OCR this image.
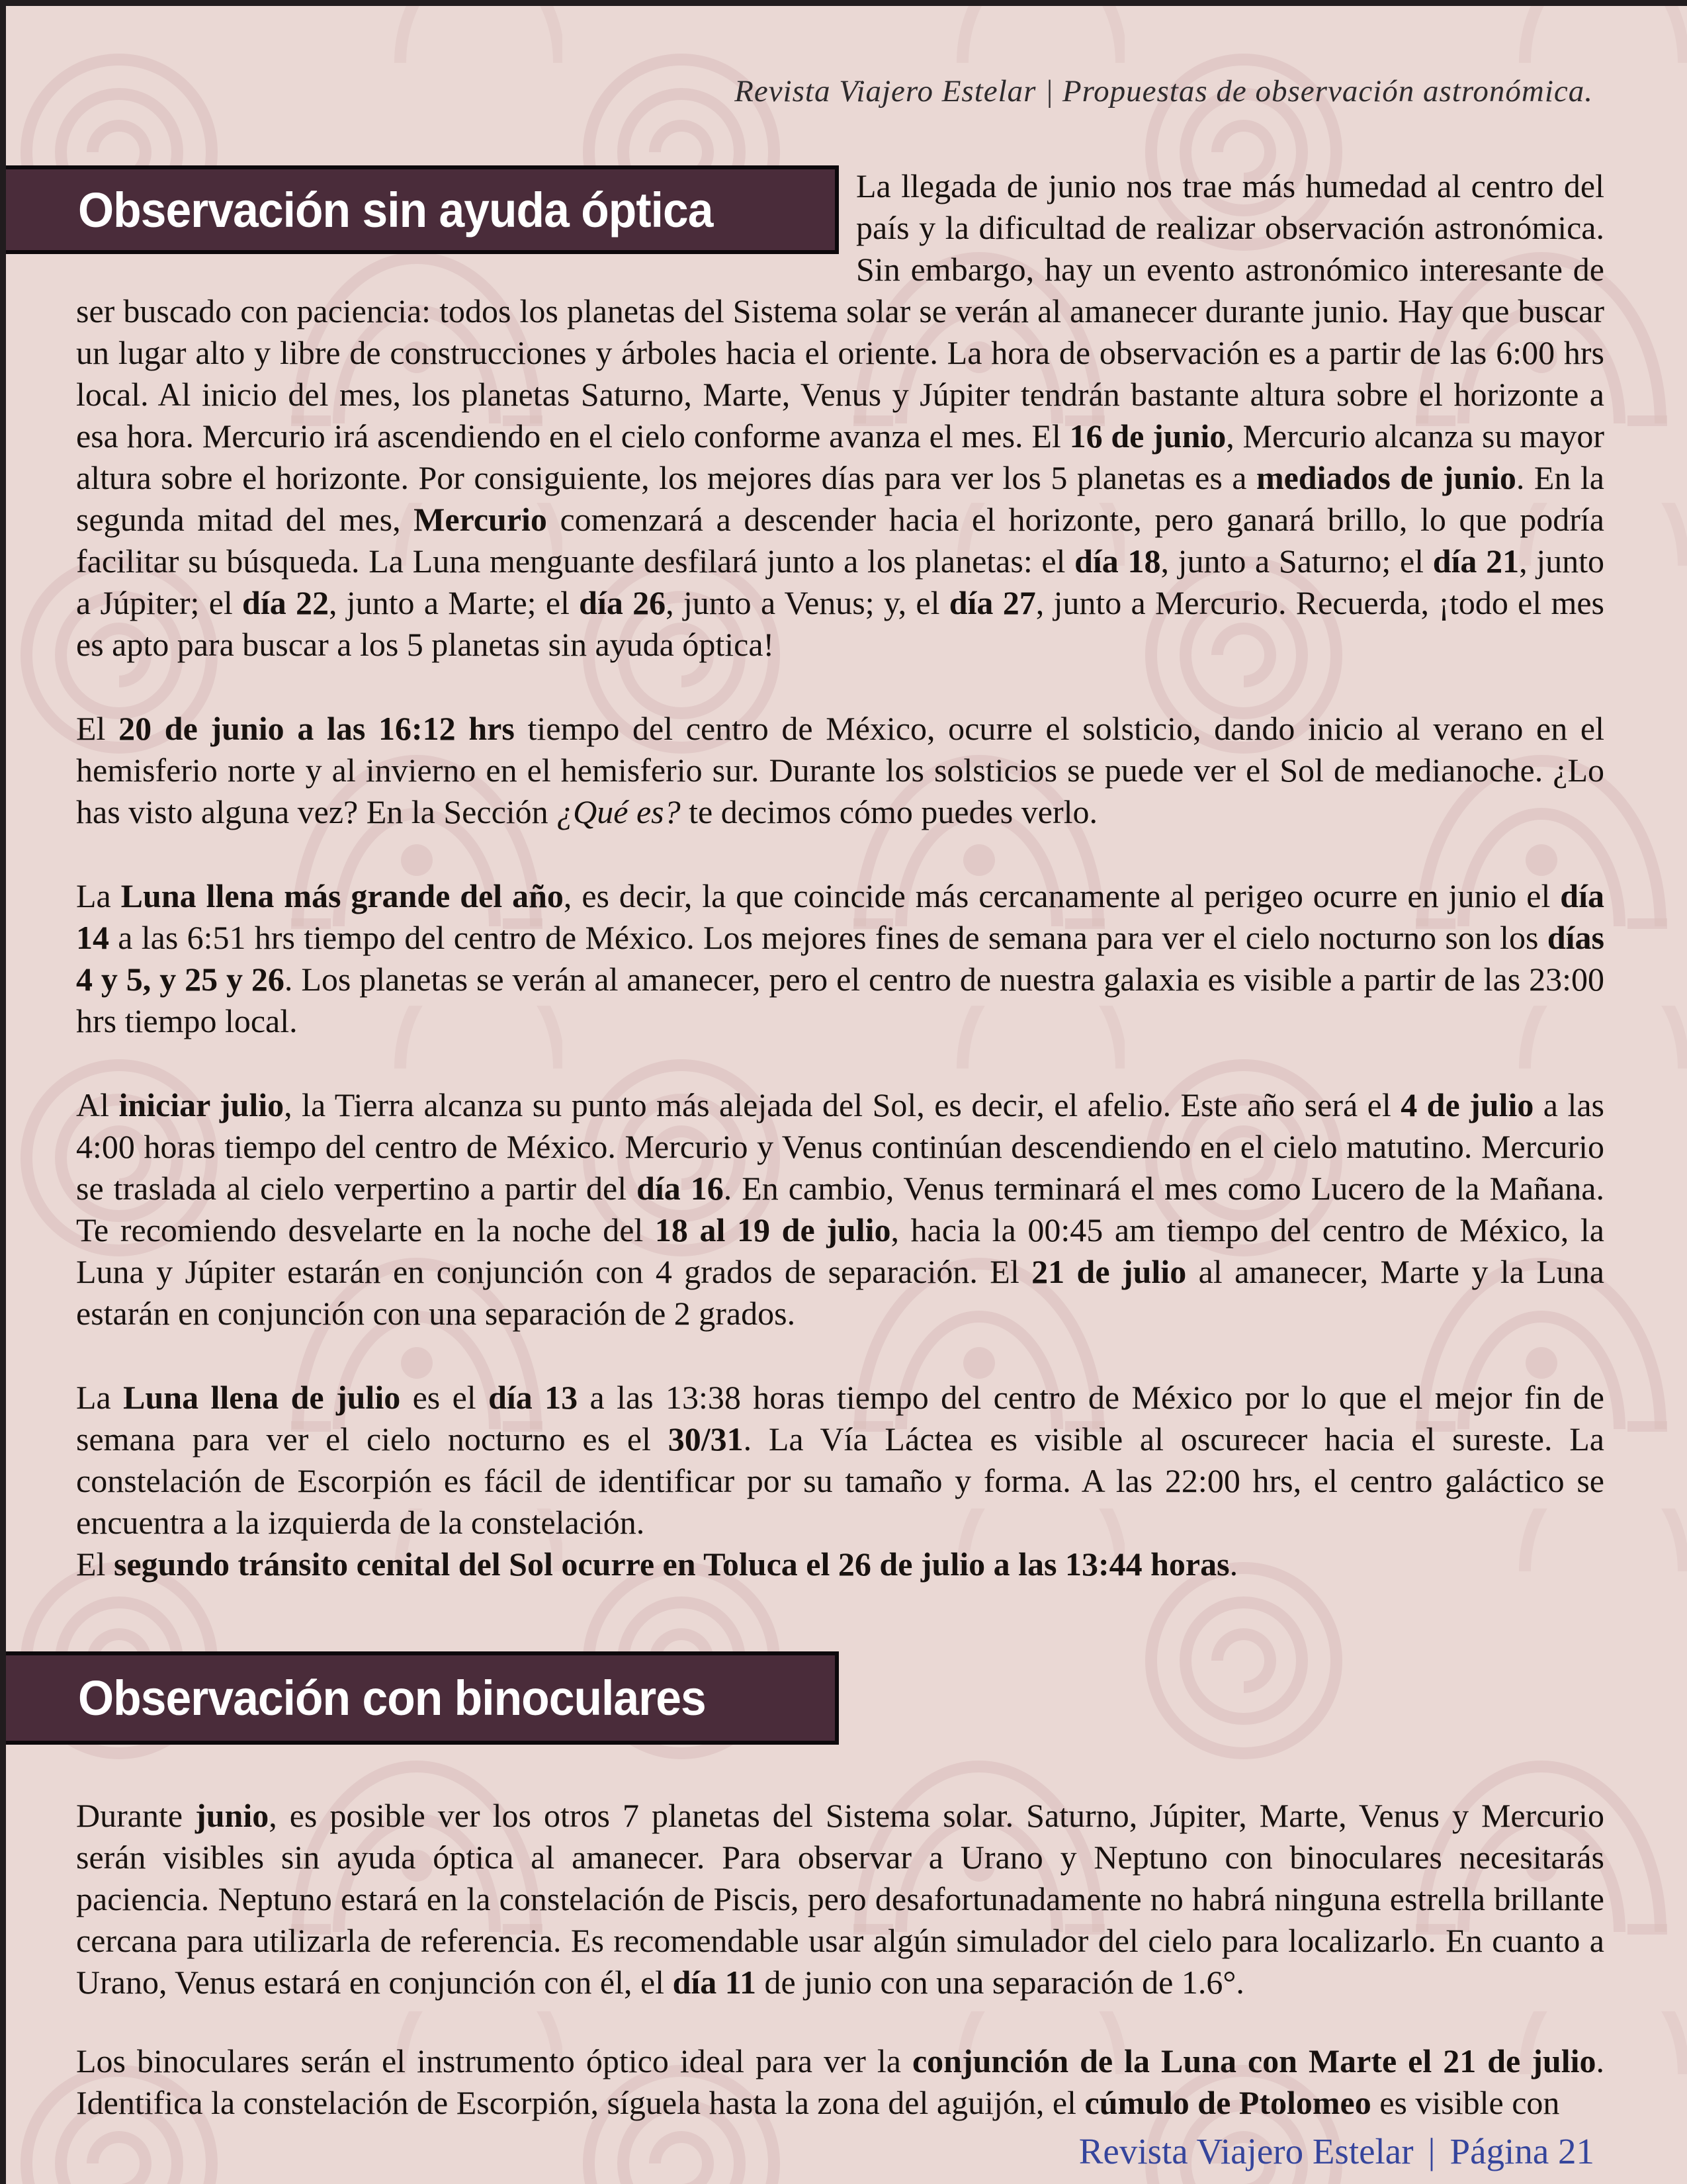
Revista Viajero Estelar | Propuestas de observación astronómica.
Observación sin ayuda óptica	La llegada de junio nos trae más humedad al centro del país y la dificultad de realizar observación astronómica. Sin embargo, hay un evento astronómico interesante de ser buscado con paciencia: todos los planetas del Sistema solar se verán al amanecer durante junio. Hay que buscar un lugar alto y libre de construcciones y árboles hacia el oriente. La hora de observación es a partir de las 6:00 hrs local. Al inicio del mes, los planetas Saturno, Marte, Venus y Júpiter tendrán bastante altura sobre el horizonte a esa hora. Mercurio irá ascendiendo en el cielo conforme avanza el mes. El 16 de junio, Mercurio alcanza su mayor altura sobre el horizonte. Por consiguiente, los mejores días para ver los 5 planetas es a mediados de junio. En la segunda mitad del mes, Mercurio comenzará a descender hacia el horizonte, pero ganará brillo, lo que podría facilitar su búsqueda. La Luna menguante desfilará junto a los planetas: el día 18, junto a Saturno; el día 21, junto a Júpiter; el día 22, junto a Marte; el día 26, junto a Venus; y, el día 27, junto a Mercurio. Recuerda, ¡todo el mes es apto para buscar a los 5 planetas sin ayuda óptica!

El 20 de junio a las 16:12 hrs tiempo del centro de México, ocurre el solsticio, dando inicio al verano en el hemisferio norte y al invierno en el hemisferio sur. Durante los solsticios se puede ver el Sol de medianoche. ¿Lo has visto alguna vez? En la Sección ¿Qué es? te decimos cómo puedes verlo.

La Luna llena más grande del año, es decir, la que coincide más cercanamente al perigeo ocurre en junio el día 14 a las 6:51 hrs tiempo del centro de México. Los mejores fines de semana para ver el cielo nocturno son los días 4 y 5, y 25 y 26. Los planetas se verán al amanecer, pero el centro de nuestra galaxia es visible a partir de las 23:00 hrs tiempo local.

Al iniciar julio, la Tierra alcanza su punto más alejada del Sol, es decir, el afelio. Este año será el 4 de julio a las 4:00 horas tiempo del centro de México. Mercurio y Venus continúan descendiendo en el cielo matutino. Mercurio se traslada al cielo verpertino a partir del día 16. En cambio, Venus terminará el mes como Lucero de la Mañana. Te recomiendo desvelarte en la noche del 18 al 19 de julio, hacia la 00:45 am tiempo del centro de México, la Luna y Júpiter estarán en conjunción con 4 grados de separación. El 21 de julio al amanecer, Marte y la Luna estarán en conjunción con una separación de 2 grados.

La Luna llena de julio es el día 13 a las 13:38 horas tiempo del centro de México por lo que el mejor fin de semana para ver el cielo nocturno es el 30/31. La Vía Láctea es visible al oscurecer hacia el sureste. La constelación de Escorpión es fácil de identificar por su tamaño y forma. A las 22:00 hrs, el centro galáctico se encuentra a la izquierda de la constelación.

El segundo tránsito cenital del Sol ocurre en Toluca el 26 de julio a las 13:44 horas.

Observación con binoculares

Durante junio, es posible ver los otros 7 planetas del Sistema solar. Saturno, Júpiter, Marte, Venus y Mercurio serán visibles sin ayuda óptica al amanecer. Para observar a Urano y Neptuno con binoculares necesitarás paciencia. Neptuno estará en la constelación de Piscis, pero desafortunadamente no habrá ninguna estrella brillante cercana para utilizarla de referencia. Es recomendable usar algún simulador del cielo para localizarlo. En cuanto a Urano, Venus estará en conjunción con él, el día 11 de junio con una separación de 1.6°.

Los binoculares serán el instrumento óptico ideal para ver la conjunción de la Luna con Marte el 21 de julio. Identifica la constelación de Escorpión, síguela hasta la zona del aguijón, el cúmulo de Ptolomeo es visible con

Revista Viajero Estelar | Página 21
